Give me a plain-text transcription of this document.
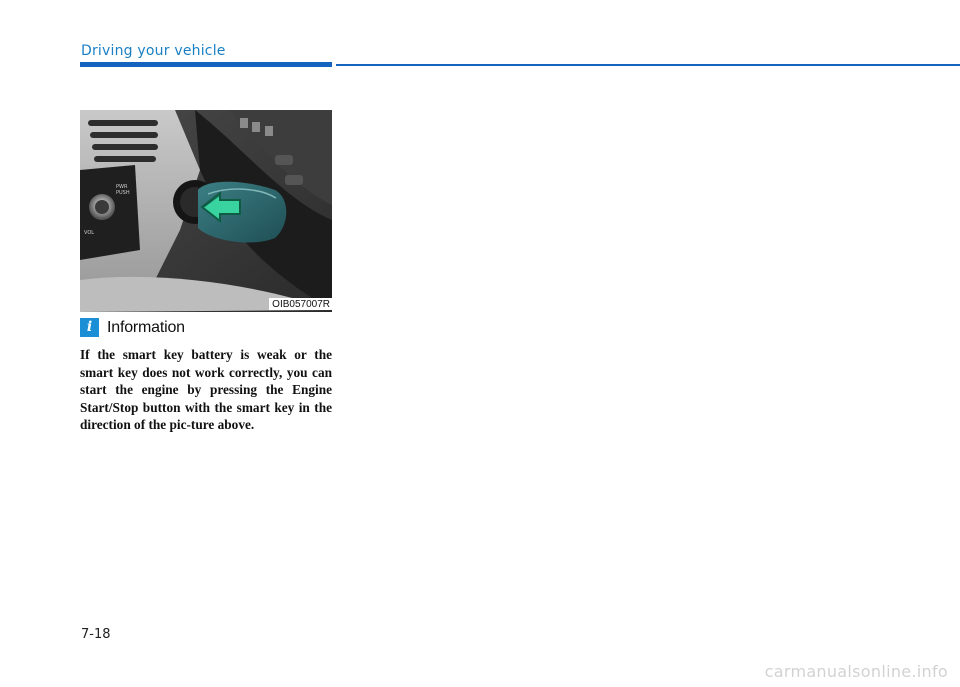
Driving your vehicle
VOL
PWR
PUSH
OIB057007R
i Information

If the smart key battery is weak or the smart key does not work correctly, you can start the engine by pressing the Engine Start/Stop button with the smart key in the direction of the pic-ture above.

7-18
carmanualsonline.info
